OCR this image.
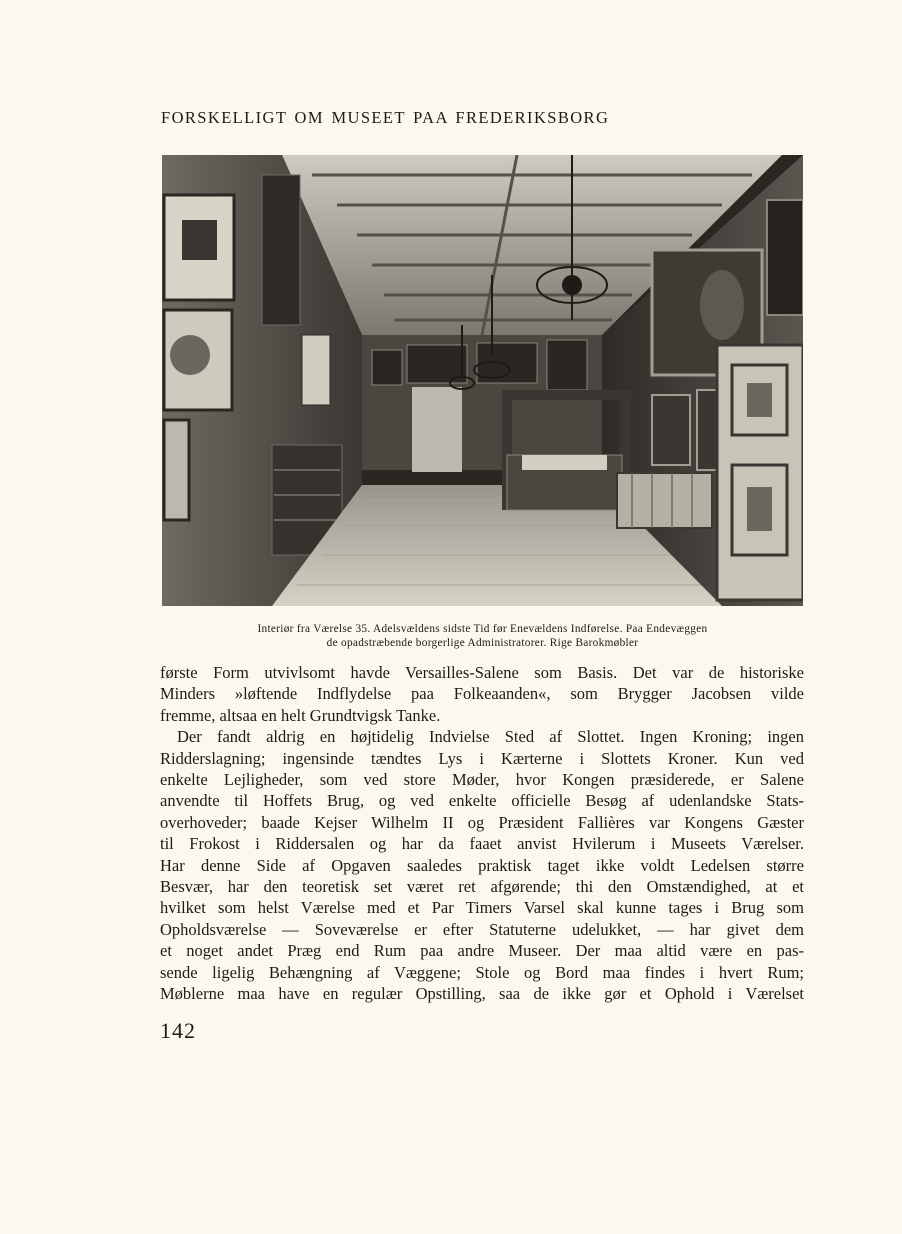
FORSKELLIGT OM MUSEET PAA FREDERIKSBORG
Interiør fra Værelse 35. Adelsvældens sidste Tid før Enevældens Indførelse. Paa Endevæggen
de opadstræbende borgerlige Administratorer. Rige Barokmøbler

første Form utvivlsomt havde Versailles-Salene som Basis. Det var de historiske

Minders »løftende Indflydelse paa Folkeaanden«, som Brygger Jacobsen vilde

fremme, altsaa en helt Grundtvigsk Tanke.

Der fandt aldrig en højtidelig Indvielse Sted af Slottet. Ingen Kroning; ingen

Ridderslagning; ingensinde tændtes Lys i Kærterne i Slottets Kroner. Kun ved

enkelte Lejligheder, som ved store Møder, hvor Kongen præsiderede, er Salene

anvendte til Hoffets Brug, og ved enkelte officielle Besøg af udenlandske Stats-

overhoveder; baade Kejser Wilhelm II og Præsident Fallières var Kongens Gæster

til Frokost i Riddersalen og har da faaet anvist Hvilerum i Museets Værelser.

Har denne Side af Opgaven saaledes praktisk taget ikke voldt Ledelsen større

Besvær, har den teoretisk set været ret afgørende; thi den Omstændighed, at et

hvilket som helst Værelse med et Par Timers Varsel skal kunne tages i Brug som

Opholdsværelse — Soveværelse er efter Statuterne udelukket, — har givet dem

et noget andet Præg end Rum paa andre Museer. Der maa altid være en pas-

sende ligelig Behængning af Væggene; Stole og Bord maa findes i hvert Rum;

Møblerne maa have en regulær Opstilling, saa de ikke gør et Ophold i Værelset

142
